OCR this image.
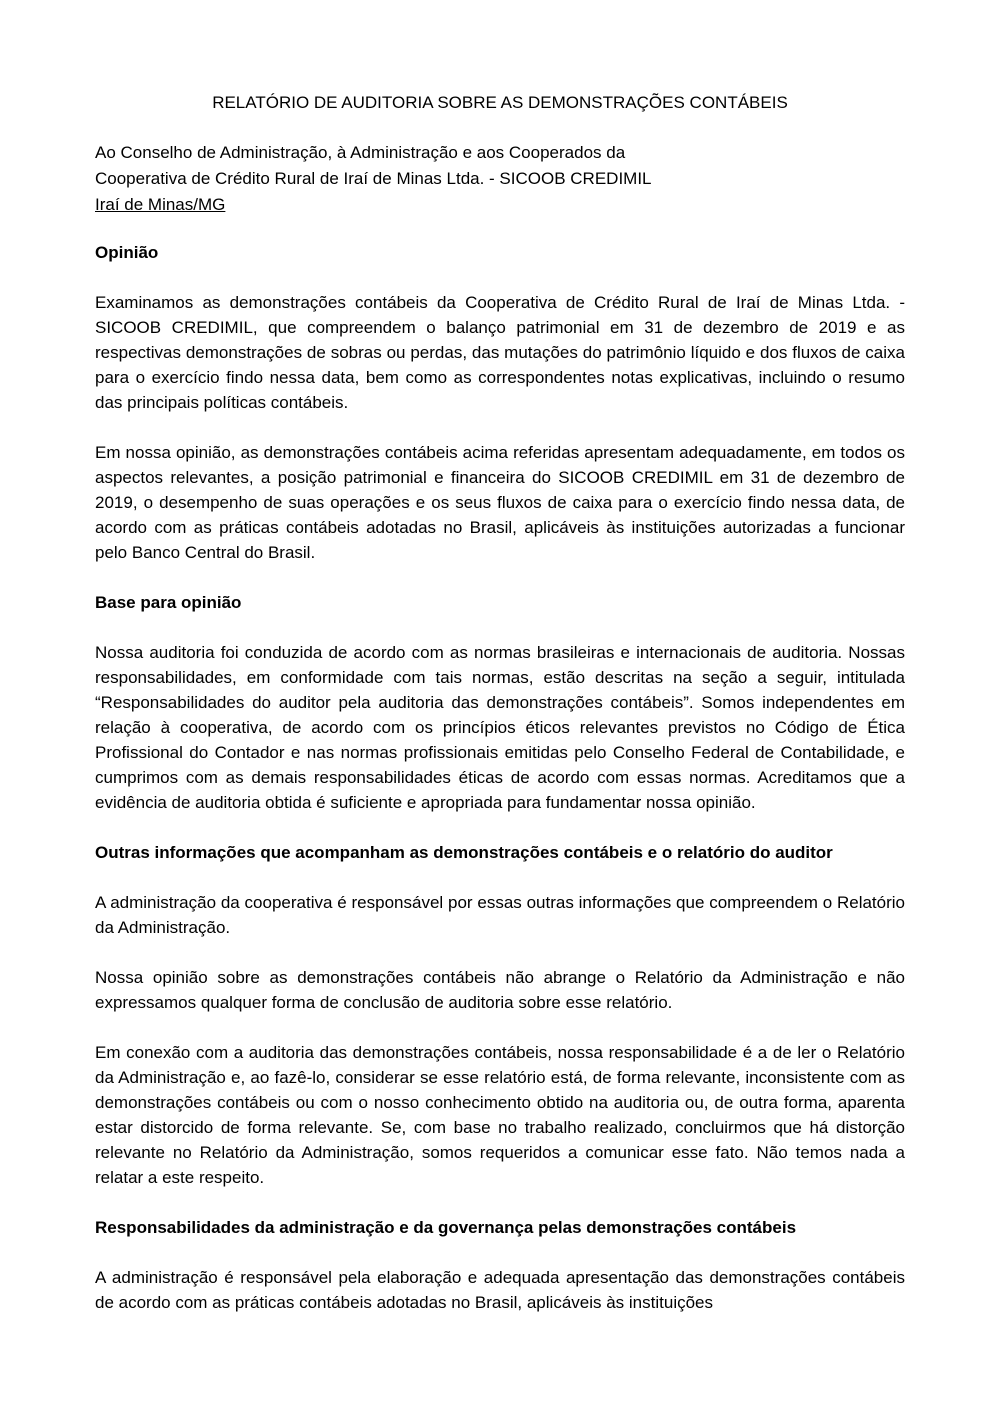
RELATÓRIO DE AUDITORIA SOBRE AS DEMONSTRAÇÕES CONTÁBEIS

Ao Conselho de Administração, à Administração e aos Cooperados da
Cooperativa de Crédito Rural de Iraí de Minas Ltda. - SICOOB CREDIMIL
Iraí de Minas/MG

Opinião

Examinamos as demonstrações contábeis da Cooperativa de Crédito Rural de Iraí de Minas Ltda. - SICOOB CREDIMIL, que compreendem o balanço patrimonial em 31 de dezembro de 2019 e as respectivas demonstrações de sobras ou perdas, das mutações do patrimônio líquido e dos fluxos de caixa para o exercício findo nessa data, bem como as correspondentes notas explicativas, incluindo o resumo das principais políticas contábeis.

Em nossa opinião, as demonstrações contábeis acima referidas apresentam adequadamente, em todos os aspectos relevantes, a posição patrimonial e financeira do SICOOB CREDIMIL em 31 de dezembro de 2019, o desempenho de suas operações e os seus fluxos de caixa para o exercício findo nessa data, de acordo com as práticas contábeis adotadas no Brasil, aplicáveis às instituições autorizadas a funcionar pelo Banco Central do Brasil.

Base para opinião

Nossa auditoria foi conduzida de acordo com as normas brasileiras e internacionais de auditoria. Nossas responsabilidades, em conformidade com tais normas, estão descritas na seção a seguir, intitulada “Responsabilidades do auditor pela auditoria das demonstrações contábeis”. Somos independentes em relação à cooperativa, de acordo com os princípios éticos relevantes previstos no Código de Ética Profissional do Contador e nas normas profissionais emitidas pelo Conselho Federal de Contabilidade, e cumprimos com as demais responsabilidades éticas de acordo com essas normas. Acreditamos que a evidência de auditoria obtida é suficiente e apropriada para fundamentar nossa opinião.

Outras informações que acompanham as demonstrações contábeis e o relatório do auditor

A administração da cooperativa é responsável por essas outras informações que compreendem o Relatório da Administração.

Nossa opinião sobre as demonstrações contábeis não abrange o Relatório da Administração e não expressamos qualquer forma de conclusão de auditoria sobre esse relatório.

Em conexão com a auditoria das demonstrações contábeis, nossa responsabilidade é a de ler o Relatório da Administração e, ao fazê-lo, considerar se esse relatório está, de forma relevante, inconsistente com as demonstrações contábeis ou com o nosso conhecimento obtido na auditoria ou, de outra forma, aparenta estar distorcido de forma relevante. Se, com base no trabalho realizado, concluirmos que há distorção relevante no Relatório da Administração, somos requeridos a comunicar esse fato. Não temos nada a relatar a este respeito.

Responsabilidades da administração e da governança pelas demonstrações contábeis

A administração é responsável pela elaboração e adequada apresentação das demonstrações contábeis de acordo com as práticas contábeis adotadas no Brasil, aplicáveis às instituições
